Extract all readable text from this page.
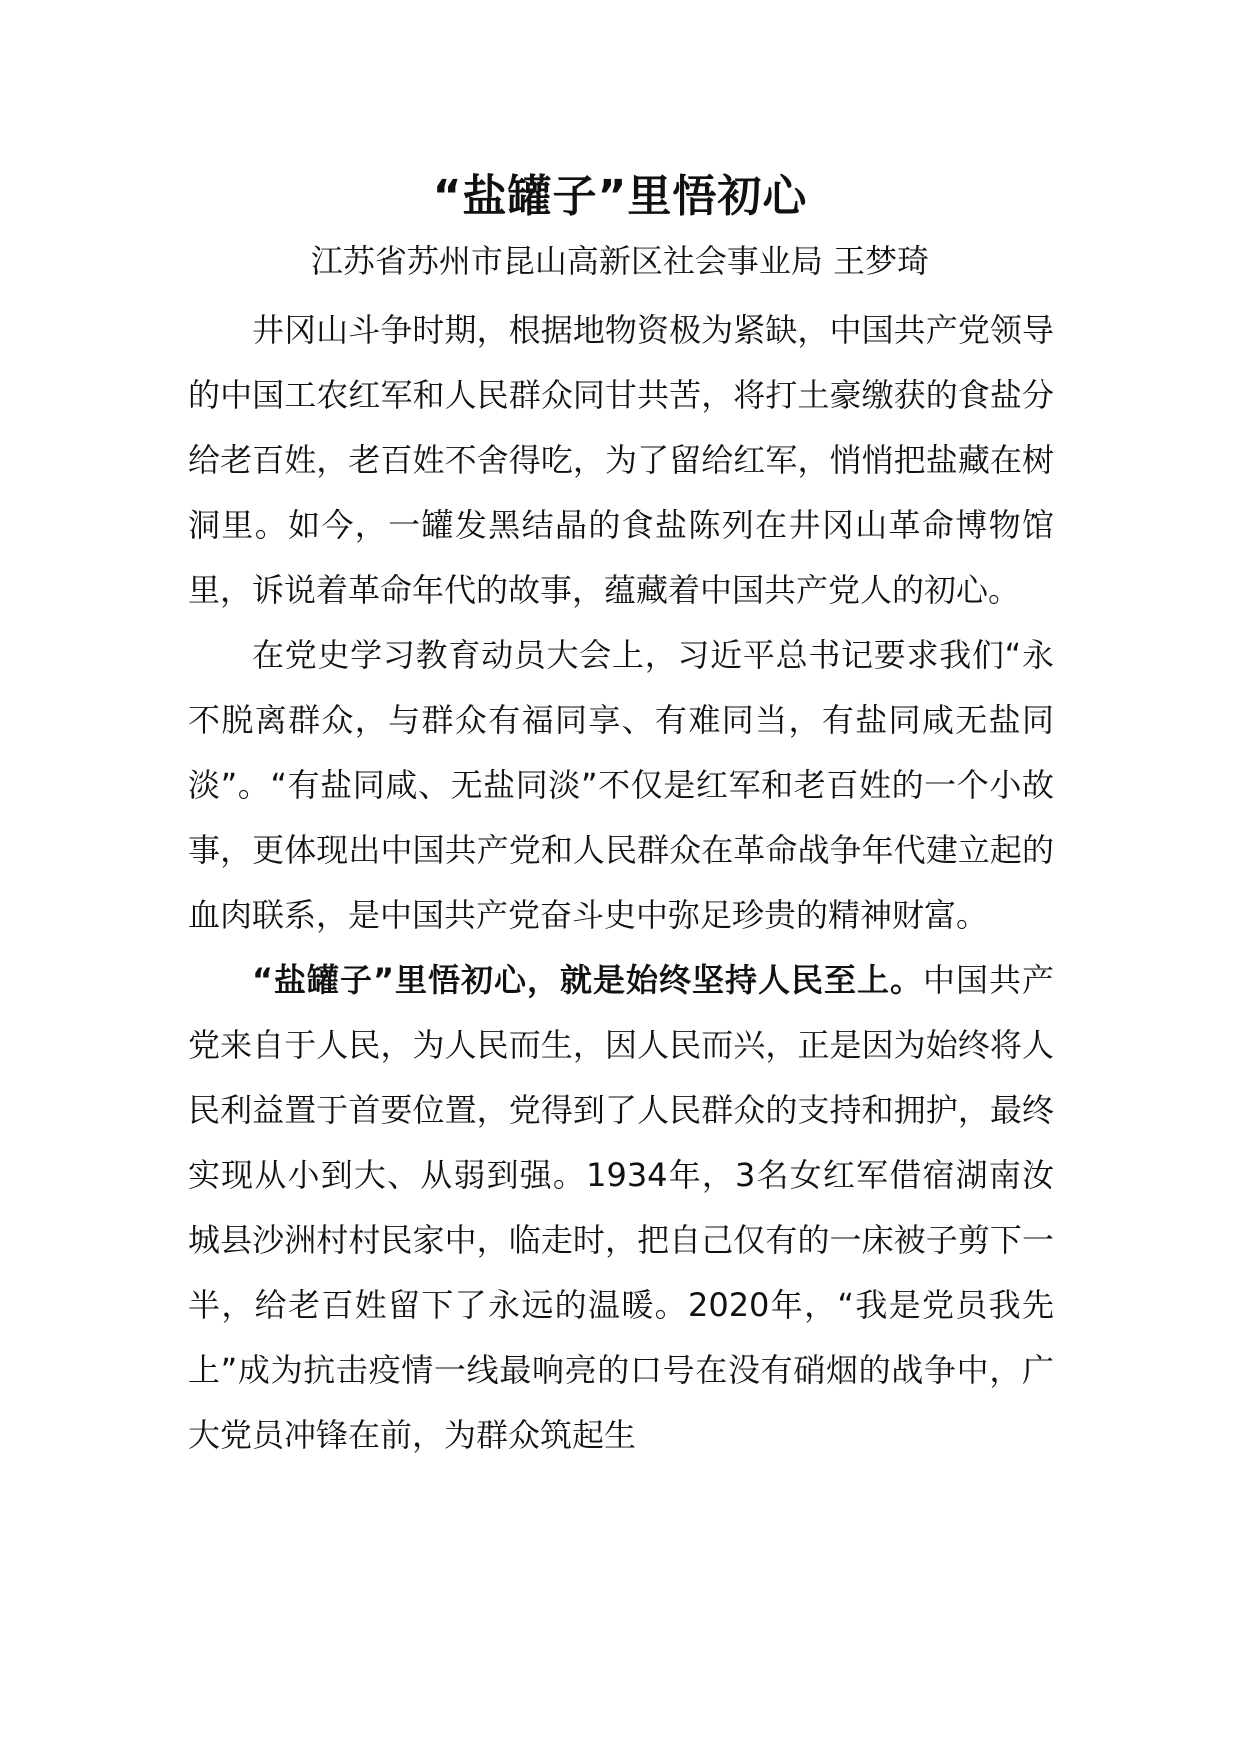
“盐罐子”里悟初心

江苏省苏州市昆山高新区社会事业局 王梦琦

井冈山斗争时期，根据地物资极为紧缺，中国共产党领导的中国工农红军和人民群众同甘共苦，将打土豪缴获的食盐分给老百姓，老百姓不舍得吃，为了留给红军，悄悄把盐藏在树洞里。如今，一罐发黑结晶的食盐陈列在井冈山革命博物馆里，诉说着革命年代的故事，蕴藏着中国共产党人的初心。

在党史学习教育动员大会上，习近平总书记要求我们“永不脱离群众，与群众有福同享、有难同当，有盐同咸无盐同淡”。“有盐同咸、无盐同淡”不仅是红军和老百姓的一个小故事，更体现出中国共产党和人民群众在革命战争年代建立起的血肉联系，是中国共产党奋斗史中弥足珍贵的精神财富。

“盐罐子”里悟初心，就是始终坚持人民至上。中国共产党来自于人民，为人民而生，因人民而兴，正是因为始终将人民利益置于首要位置，党得到了人民群众的支持和拥护，最终实现从小到大、从弱到强。1934年，3名女红军借宿湖南汝城县沙洲村村民家中，临走时，把自己仅有的一床被子剪下一半，给老百姓留下了永远的温暖。2020年，“我是党员我先上”成为抗击疫情一线最响亮的口号在没有硝烟的战争中，广大党员冲锋在前，为群众筑起生
